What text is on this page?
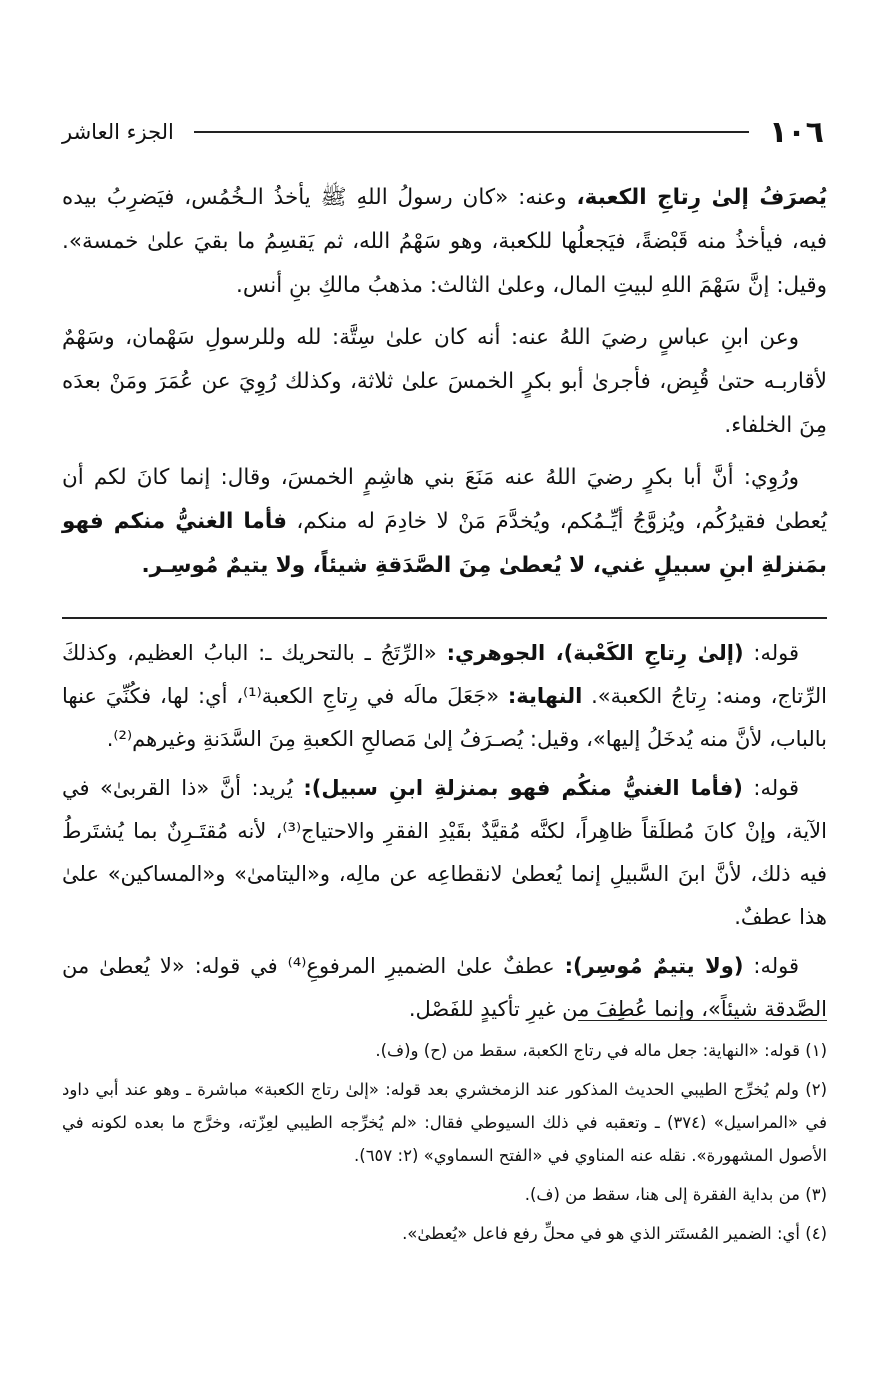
١٠٦
الجزء العاشر

يُصرَفُ إلىٰ رِتاجِ الكعبة، وعنه: «كان رسولُ اللهِ ﷺ يأخذُ الـخُمُس، فيَضرِبُ بيده فيه، فيأخذُ منه قَبْضةً، فيَجعلُها للكعبة، وهو سَهْمُ الله، ثم يَقسِمُ ما بقيَ علىٰ خمسة». وقيل: إنَّ سَهْمَ اللهِ لبيتِ المال، وعلىٰ الثالث: مذهبُ مالكِ بنِ أنس.

وعن ابنِ عباسٍ رضيَ اللهُ عنه: أنه كان علىٰ سِتَّة: لله وللرسولِ سَهْمان، وسَهْمٌ لأقاربـه حتىٰ قُبِض، فأجرىٰ أبو بكرٍ الخمسَ علىٰ ثلاثة، وكذلك رُوِيَ عن عُمَرَ ومَنْ بعدَه مِنَ الخلفاء.

ورُوِي: أنَّ أبا بكرٍ رضيَ اللهُ عنه مَنَعَ بني هاشِمٍ الخمسَ، وقال: إنما كانَ لكم أن يُعطىٰ فقيرُكُم، ويُزوَّجُ أيِّـمُكم، ويُخدَّمَ مَنْ لا خادِمَ له منكم، فأما الغنيُّ منكم فهو بمَنزلةِ ابنِ سبيلٍ غني، لا يُعطىٰ مِنَ الصَّدَقةِ شيئاً، ولا يتيمٌ مُوسِـر.

قوله: (إلىٰ رِتاجِ الكَعْبة)، الجوهري: «الرِّتَجُ ـ بالتحريك ـ: البابُ العظيم، وكذلكَ الرِّتاج، ومنه: رِتاجُ الكعبة». النهاية: «جَعَلَ مالَه في رِتاجِ الكعبة⁽¹⁾، أي: لها، فكُنِّيَ عنها بالباب، لأنَّ منه يُدخَلُ إليها»، وقيل: يُصـرَفُ إلىٰ مَصالحِ الكعبةِ مِنَ السَّدَنةِ وغيرهم⁽²⁾.

قوله: (فأما الغنيُّ منكُم فهو بمنزلةِ ابنِ سبيل): يُريد: أنَّ «ذا القربىٰ» في الآية، وإنْ كانَ مُطلَقاً ظاهِراً، لكنَّه مُقيَّدٌ بقَيْدِ الفقرِ والاحتياج⁽³⁾، لأنه مُقتَـرِنٌ بما يُشتَرطُ فيه ذلك، لأنَّ ابنَ السَّبيلِ إنما يُعطىٰ لانقطاعِه عن مالِه، و«اليتامىٰ» و«المساكين» علىٰ هذا عطفٌ.

قوله: (ولا يتيمٌ مُوسِر): عطفٌ علىٰ الضميرِ المرفوعِ⁽⁴⁾ في قوله: «لا يُعطىٰ من الصَّدقة شيئاً»، وإنما عُطِفَ من غيرِ تأكيدٍ للفَصْل.

(١) قوله: «النهاية: جعل ماله في رتاج الكعبة، سقط من (ح) و(ف).

(٢) ولم يُخرِّج الطيبي الحديث المذكور عند الزمخشري بعد قوله: «إلىٰ رتاج الكعبة» مباشرة ـ وهو عند أبي داود في «المراسيل» (٣٧٤) ـ وتعقبه في ذلك السيوطي فقال: «لم يُخرِّجه الطيبي لعِزّته، وخرَّج ما بعده لكونه في الأصول المشهورة». نقله عنه المناوي في «الفتح السماوي» (٢: ٦٥٧).

(٣) من بداية الفقرة إلى هنا، سقط من (ف).

(٤) أي: الضمير المُستَتر الذي هو في محلِّ رفع فاعل «يُعطىٰ».
